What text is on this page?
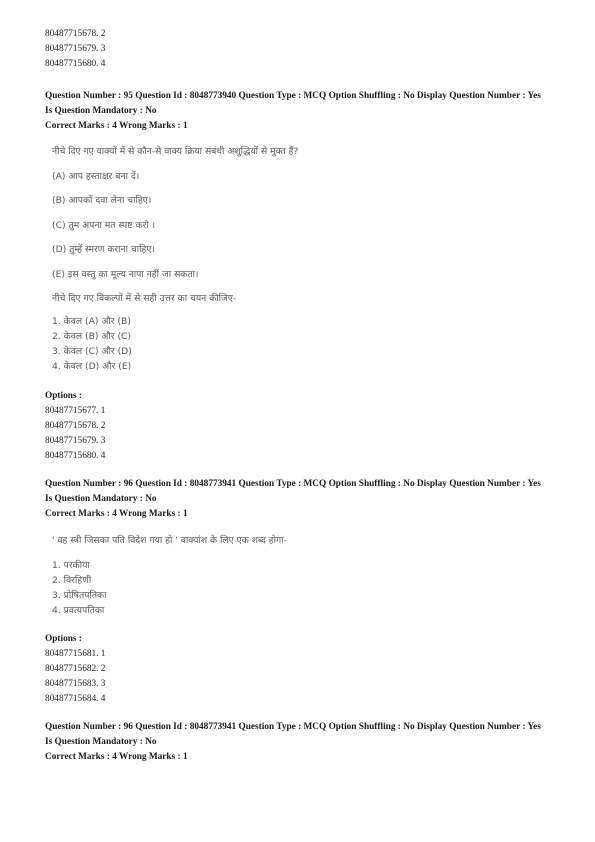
80487715678. 2
80487715679. 3
80487715680. 4
Question Number : 95 Question Id : 8048773940 Question Type : MCQ Option Shuffling : No Display Question Number : Yes
Is Question Mandatory : No
Correct Marks : 4 Wrong Marks : 1
नीचे दिए गए वाक्यों में से कौन-से वाक्य क्रिया संबंधी अशुद्धियों से मुक्त हैं?
(A) आप हस्ताक्षर बना दें।
(B) आपकों दवा लेना चाहिए।
(C) तुम अपना मत स्पष्ट करो ।
(D) तुम्हें स्मरण कराना चाहिए।
(E) इस वस्तु का मूल्य नापा नहीं जा सकता।
नीचे दिए गए विकल्पों में से सही उत्तर का चयन कीजिए-
1. केवल (A) और (B)
2. केवल (B) और (C)
3. केवल (C) और (D)
4. केवल (D) और (E)
Options :
80487715677. 1
80487715678. 2
80487715679. 3
80487715680. 4
Question Number : 96 Question Id : 8048773941 Question Type : MCQ Option Shuffling : No Display Question Number : Yes
Is Question Mandatory : No
Correct Marks : 4 Wrong Marks : 1
' वह स्त्री जिसका पति विदेश गया हो ' वाक्यांश के लिए एक शब्द होगा-
1. परकीया
2. विरहिणी
3. प्रोषितपतिका
4. प्रवत्यपतिका
Options :
80487715681. 1
80487715682. 2
80487715683. 3
80487715684. 4
Question Number : 96 Question Id : 8048773941 Question Type : MCQ Option Shuffling : No Display Question Number : Yes
Is Question Mandatory : No
Correct Marks : 4 Wrong Marks : 1
